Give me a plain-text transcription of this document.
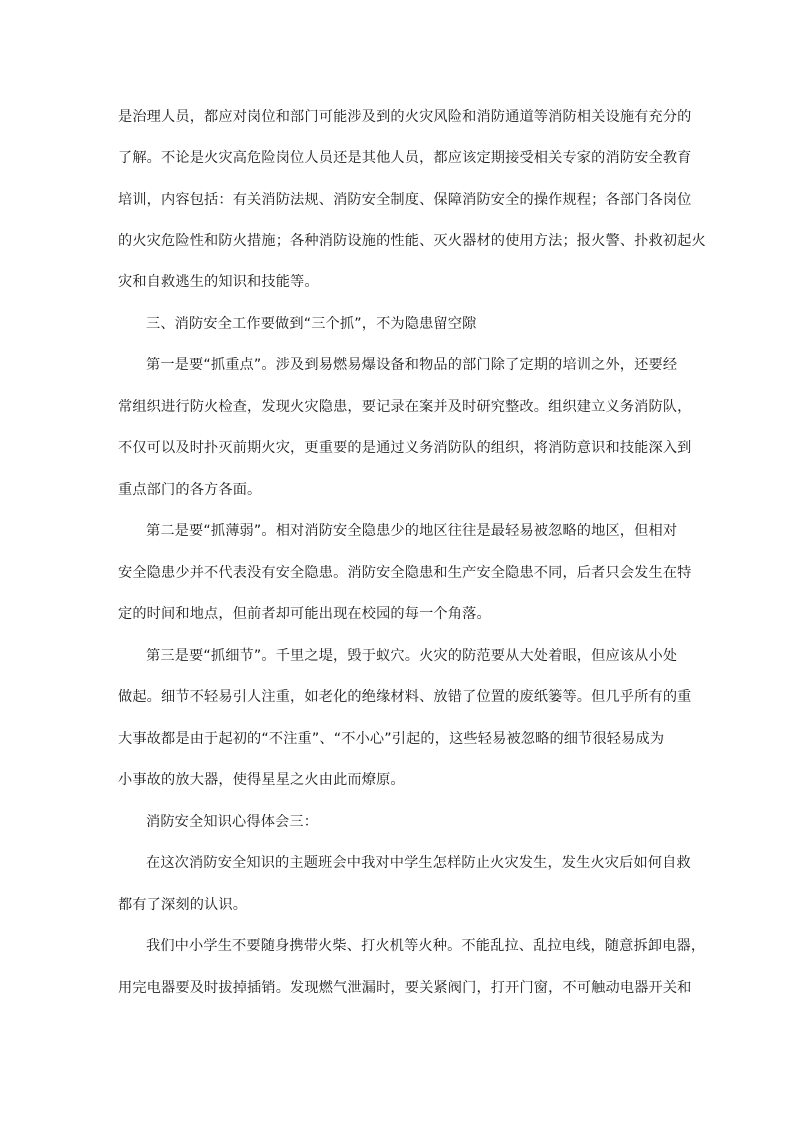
是治理人员，都应对岗位和部门可能涉及到的火灾风险和消防通道等消防相关设施有充分的
了解。不论是火灾高危险岗位人员还是其他人员，都应该定期接受相关专家的消防安全教育
培训，内容包括：有关消防法规、消防安全制度、保障消防安全的操作规程；各部门各岗位
的火灾危险性和防火措施；各种消防设施的性能、灭火器材的使用方法；报火警、扑救初起火
灾和自救逃生的知识和技能等。
三、消防安全工作要做到“三个抓”，不为隐患留空隙
第一是要“抓重点”。涉及到易燃易爆设备和物品的部门除了定期的培训之外，还要经
常组织进行防火检查，发现火灾隐患，要记录在案并及时研究整改。组织建立义务消防队，
不仅可以及时扑灭前期火灾，更重要的是通过义务消防队的组织，将消防意识和技能深入到
重点部门的各方各面。
第二是要“抓薄弱”。相对消防安全隐患少的地区往往是最轻易被忽略的地区，但相对
安全隐患少并不代表没有安全隐患。消防安全隐患和生产安全隐患不同，后者只会发生在特
定的时间和地点，但前者却可能出现在校园的每一个角落。
第三是要“抓细节”。千里之堤，毁于蚁穴。火灾的防范要从大处着眼，但应该从小处
做起。细节不轻易引人注重，如老化的绝缘材料、放错了位置的废纸篓等。但几乎所有的重
大事故都是由于起初的“不注重”、“不小心”引起的，这些轻易被忽略的细节很轻易成为
小事故的放大器，使得星星之火由此而燎原。
消防安全知识心得体会三：
在这次消防安全知识的主题班会中我对中学生怎样防止火灾发生，发生火灾后如何自救
都有了深刻的认识。
我们中小学生不要随身携带火柴、打火机等火种。不能乱拉、乱拉电线，随意拆卸电器，
用完电器要及时拔掉插销。发现燃气泄漏时，要关紧阀门，打开门窗，不可触动电器开关和
